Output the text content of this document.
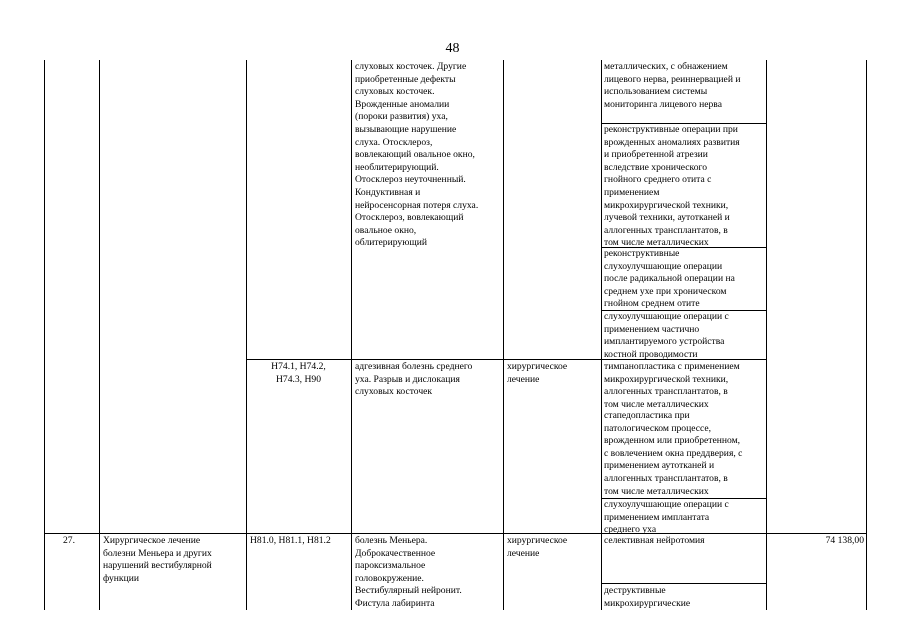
48
слуховых косточек. Другие
приобретенные дефекты
слуховых косточек.
Врожденные аномалии
(пороки развития) уха,
вызывающие нарушение
слуха. Отосклероз,
вовлекающий овальное окно,
необлитерирующий.
Отосклероз неуточненный.
Кондуктивная и
нейросенсорная потеря слуха.
Отосклероз, вовлекающий
овальное окно,
облитерирующий
металлических, с обнажением
лицевого нерва, реиннервацией и
использованием системы
мониторинга лицевого нерва
реконструктивные операции при
врожденных аномалиях развития
и приобретенной атрезии
вследствие хронического
гнойного среднего отита с
применением
микрохирургической техники,
лучевой техники, аутотканей и
аллогенных трансплантатов, в
том числе металлических
реконструктивные
слухоулучшающие операции
после радикальной операции на
среднем ухе при хроническом
гнойном среднем отите
слухоулучшающие операции с
применением частично
имплантируемого устройства
костной проводимости
H74.1, H74.2,
H74.3, H90
адгезивная болезнь среднего
уха. Разрыв и дислокация
слуховых косточек
хирургическое
лечение
тимпанопластика с применением
микрохирургической техники,
аллогенных трансплантатов, в
том числе металлических
стапедопластика при
патологическом процессе,
врожденном или приобретенном,
с вовлечением окна преддверия, с
применением аутотканей и
аллогенных трансплантатов, в
том числе металлических
слухоулучшающие операции с
применением имплантата
среднего уха
27.	Хирургическое лечение
болезни Меньера и других
нарушений вестибулярной
функции
H81.0, H81.1, H81.2	болезнь Меньера.
Доброкачественное
пароксизмальное
головокружение.
Вестибулярный нейронит.
Фистула лабиринта
хирургическое
лечение
селективная нейротомия
деструктивные
микрохирургические
74 138,00
